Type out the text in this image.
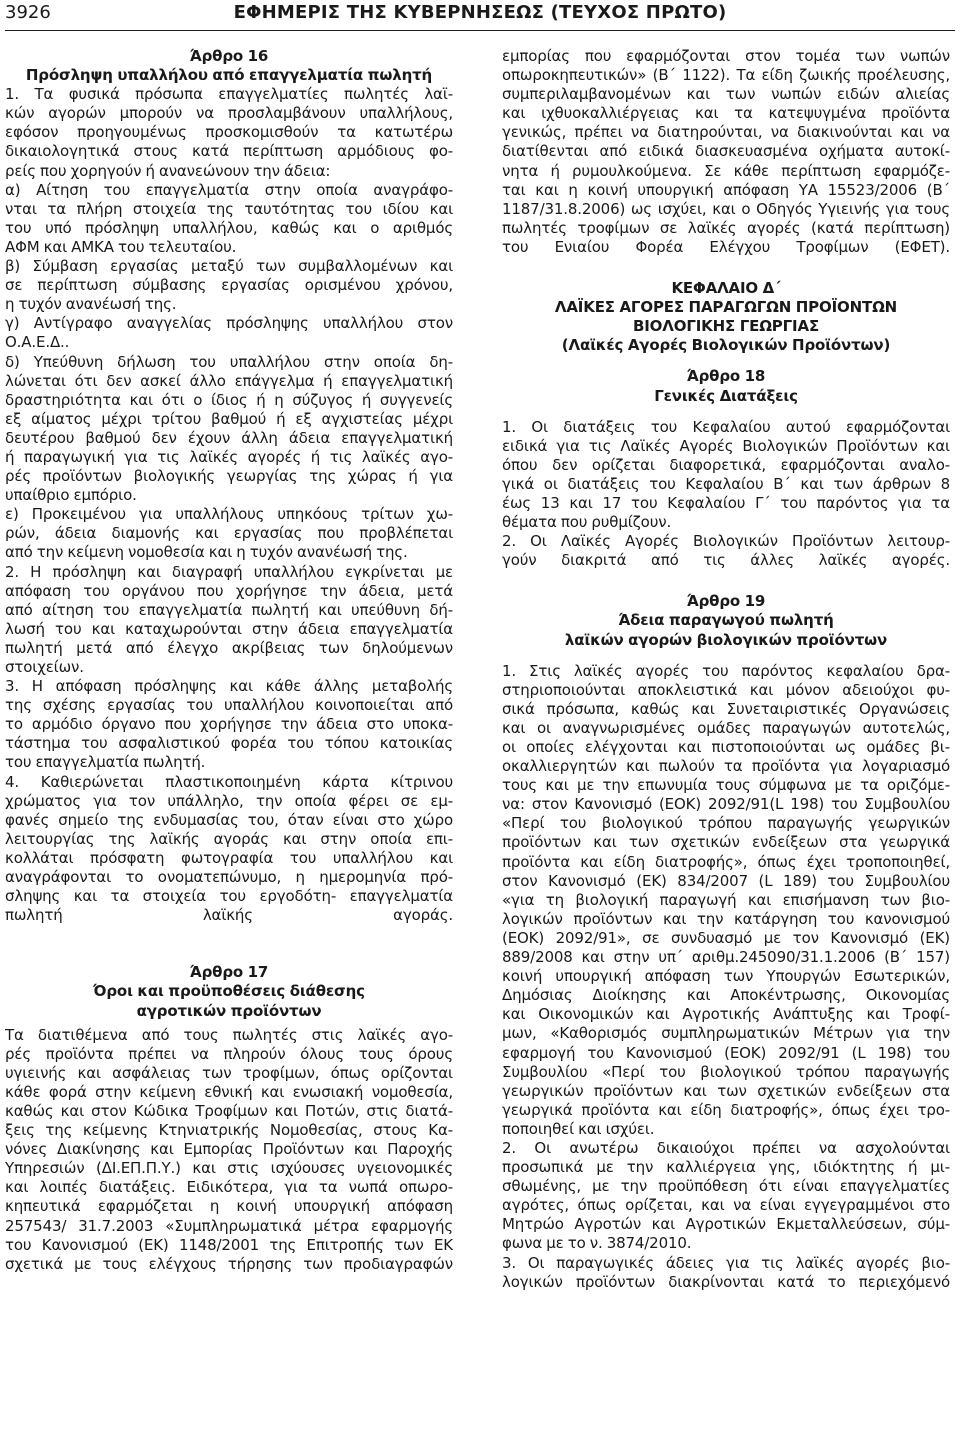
3926	ΕΦΗΜΕΡΙΣ ΤΗΣ ΚΥΒΕΡΝΗΣΕΩΣ (ΤΕΥΧΟΣ ΠΡΩΤΟ)
Άρθρο 16
Πρόσληψη υπαλλήλου από επαγγελματία πωλητή
1. Τα φυσικά πρόσωπα επαγγελματίες πωλητές λαϊ-
κών αγορών μπορούν να προσλαμβάνουν υπαλλήλους,
εφόσον προηγουμένως προσκομισθούν τα κατωτέρω
δικαιολογητικά στους κατά περίπτωση αρμόδιους φο-
ρείς που χορηγούν ή ανανεώνουν την άδεια:
α) Αίτηση του επαγγελματία στην οποία αναγράφο-
νται τα πλήρη στοιχεία της ταυτότητας του ιδίου και
του υπό πρόσληψη υπαλλήλου, καθώς και ο αριθμός
ΑΦΜ και ΑΜΚΑ του τελευταίου.
β) Σύμβαση εργασίας μεταξύ των συμβαλλομένων και
σε περίπτωση σύμβασης εργασίας ορισμένου χρόνου,
η τυχόν ανανέωσή της.
γ) Αντίγραφο αναγγελίας πρόσληψης υπαλλήλου στον
Ο.Α.Ε.Δ..
δ) Υπεύθυνη δήλωση του υπαλλήλου στην οποία δη-
λώνεται ότι δεν ασκεί άλλο επάγγελμα ή επαγγελματική
δραστηριότητα και ότι ο ίδιος ή η σύζυγος ή συγγενείς
εξ αίματος μέχρι τρίτου βαθμού ή εξ αγχιστείας μέχρι
δευτέρου βαθμού δεν έχουν άλλη άδεια επαγγελματική
ή παραγωγική για τις λαϊκές αγορές ή τις λαϊκές αγο-
ρές προϊόντων βιολογικής γεωργίας της χώρας ή για
υπαίθριο εμπόριο.
ε) Προκειμένου για υπαλλήλους υπηκόους τρίτων χω-
ρών, άδεια διαμονής και εργασίας που προβλέπεται
από την κείμενη νομοθεσία και η τυχόν ανανέωσή της.
2. Η πρόσληψη και διαγραφή υπαλλήλου εγκρίνεται με
απόφαση του οργάνου που χορήγησε την άδεια, μετά
από αίτηση του επαγγελματία πωλητή και υπεύθυνη δή-
λωσή του και καταχωρούνται στην άδεια επαγγελματία
πωλητή μετά από έλεγχο ακρίβειας των δηλούμενων
στοιχείων.
3. Η απόφαση πρόσληψης και κάθε άλλης μεταβολής
της σχέσης εργασίας του υπαλλήλου κοινοποιείται από
το αρμόδιο όργανο που χορήγησε την άδεια στο υποκα-
τάστημα του ασφαλιστικού φορέα του τόπου κατοικίας
του επαγγελματία πωλητή.
4. Καθιερώνεται πλαστικοποιημένη κάρτα κίτρινου
χρώματος για τον υπάλληλο, την οποία φέρει σε εμ-
φανές σημείο της ενδυμασίας του, όταν είναι στο χώρο
λειτουργίας της λαϊκής αγοράς και στην οποία επι-
κολλάται πρόσφατη φωτογραφία του υπαλλήλου και
αναγράφονται το ονοματεπώνυμο, η ημερομηνία πρό-
σληψης και τα στοιχεία του εργοδότη- επαγγελματία
πωλητή λαϊκής αγοράς.
Άρθρο 17
Όροι και προϋποθέσεις διάθεσης
αγροτικών προϊόντων
Τα διατιθέμενα από τους πωλητές στις λαϊκές αγο-
ρές προϊόντα πρέπει να πληρούν όλους τους όρους
υγιεινής και ασφάλειας των τροφίμων, όπως ορίζονται
κάθε φορά στην κείμενη εθνική και ενωσιακή νομοθεσία,
καθώς και στον Κώδικα Τροφίμων και Ποτών, στις διατά-
ξεις της κείμενης Κτηνιατρικής Νομοθεσίας, στους Κα-
νόνες Διακίνησης και Εμπορίας Προϊόντων και Παροχής
Υπηρεσιών (ΔΙ.ΕΠ.Π.Υ.) και στις ισχύουσες υγειονομικές
και λοιπές διατάξεις. Ειδικότερα, για τα νωπά οπωρο-
κηπευτικά εφαρμόζεται η κοινή υπουργική απόφαση
257543/ 31.7.2003 «Συμπληρωματικά μέτρα εφαρμογής
του Κανονισμού (ΕΚ) 1148/2001 της Επιτροπής των ΕΚ
σχετικά με τους ελέγχους τήρησης των προδιαγραφών
εμπορίας που εφαρμόζονται στον τομέα των νωπών
οπωροκηπευτικών» (Β΄ 1122). Τα είδη ζωικής προέλευσης,
συμπεριλαμβανομένων και των νωπών ειδών αλιείας
και ιχθυοκαλλιέργειας και τα κατεψυγμένα προϊόντα
γενικώς, πρέπει να διατηρούνται, να διακινούνται και να
διατίθενται από ειδικά διασκευασμένα οχήματα αυτοκί-
νητα ή ρυμουλκούμενα. Σε κάθε περίπτωση εφαρμόζε-
ται και η κοινή υπουργική απόφαση ΥΑ 15523/2006 (Β΄
1187/31.8.2006) ως ισχύει, και ο Οδηγός Υγιεινής για τους
πωλητές τροφίμων σε λαϊκές αγορές (κατά περίπτωση)
του Ενιαίου Φορέα Ελέγχου Τροφίμων (ΕΦΕΤ).
ΚΕΦΑΛΑΙΟ Δ΄
ΛΑΪΚΕΣ ΑΓΟΡΕΣ ΠΑΡΑΓΩΓΩΝ ΠΡΟΪΟΝΤΩΝ
ΒΙΟΛΟΓΙΚΗΣ ΓΕΩΡΓΙΑΣ
(Λαϊκές Αγορές Βιολογικών Προϊόντων)
Άρθρο 18
Γενικές Διατάξεις
1. Οι διατάξεις του Κεφαλαίου αυτού εφαρμόζονται
ειδικά για τις Λαϊκές Αγορές Βιολογικών Προϊόντων και
όπου δεν ορίζεται διαφορετικά, εφαρμόζονται αναλο-
γικά οι διατάξεις του Κεφαλαίου Β΄ και των άρθρων 8
έως 13 και 17 του Κεφαλαίου Γ΄ του παρόντος για τα
θέματα που ρυθμίζουν.
2. Οι Λαϊκές Αγορές Βιολογικών Προϊόντων λειτουρ-
γούν διακριτά από τις άλλες λαϊκές αγορές.
Άρθρο 19
Άδεια παραγωγού πωλητή
λαϊκών αγορών βιολογικών προϊόντων
1. Στις λαϊκές αγορές του παρόντος κεφαλαίου δρα-
στηριοποιούνται αποκλειστικά και μόνον αδειούχοι φυ-
σικά πρόσωπα, καθώς και Συνεταιριστικές Οργανώσεις
και οι αναγνωρισμένες ομάδες παραγωγών αυτοτελώς,
οι οποίες ελέγχονται και πιστοποιούνται ως ομάδες βι-
οκαλλιεργητών και πωλούν τα προϊόντα για λογαριασμό
τους και με την επωνυμία τους σύμφωνα με τα οριζόμε-
να: στον Κανονισμό (ΕΟΚ) 2092/91(L 198) του Συμβουλίου
«Περί του βιολογικού τρόπου παραγωγής γεωργικών
προϊόντων και των σχετικών ενδείξεων στα γεωργικά
προϊόντα και είδη διατροφής», όπως έχει τροποποιηθεί,
στον Κανονισμό (ΕΚ) 834/2007 (L 189) του Συμβουλίου
«για τη βιολογική παραγωγή και επισήμανση των βιο-
λογικών προϊόντων και την κατάργηση του κανονισμού
(ΕΟΚ) 2092/91», σε συνδυασμό με τον Κανονισμό (ΕΚ)
889/2008 και στην υπ΄ αριθμ.245090/31.1.2006 (Β΄ 157)
κοινή υπουργική απόφαση των Υπουργών Εσωτερικών,
Δημόσιας Διοίκησης και Αποκέντρωσης, Οικονομίας
και Οικονομικών και Αγροτικής Ανάπτυξης και Τροφί-
μων, «Καθορισμός συμπληρωματικών Μέτρων για την
εφαρμογή του Κανονισμού (ΕΟΚ) 2092/91 (L 198) του
Συμβουλίου «Περί του βιολογικού τρόπου παραγωγής
γεωργικών προϊόντων και των σχετικών ενδείξεων στα
γεωργικά προϊόντα και είδη διατροφής», όπως έχει τρο-
ποποιηθεί και ισχύει.
2. Οι ανωτέρω δικαιούχοι πρέπει να ασχολούνται
προσωπικά με την καλλιέργεια γης, ιδιόκτητης ή μι-
σθωμένης, με την προϋπόθεση ότι είναι επαγγελματίες
αγρότες, όπως ορίζεται, και να είναι εγγεγραμμένοι στο
Μητρώο Αγροτών και Αγροτικών Εκμεταλλεύσεων, σύμ-
φωνα με το ν. 3874/2010.
3. Οι παραγωγικές άδειες για τις λαϊκές αγορές βιο-
λογικών προϊόντων διακρίνονται κατά το περιεχόμενό
